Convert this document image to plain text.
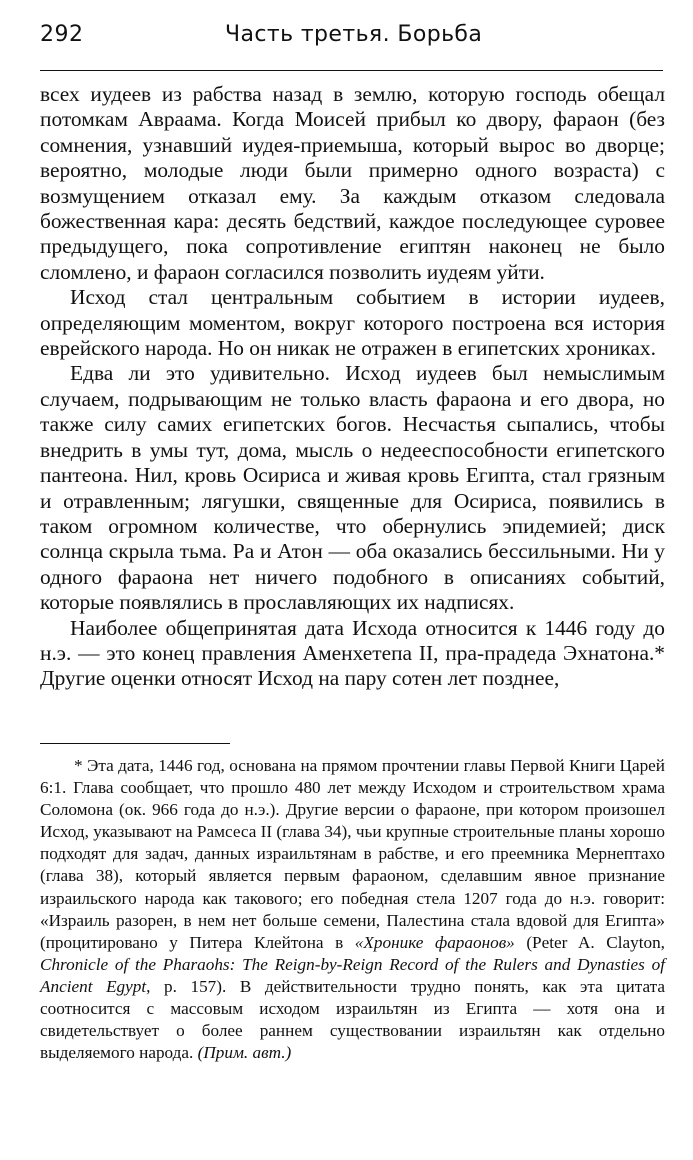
292	Часть третья. Борьба

всех иудеев из рабства назад в землю, которую господь обещал потомкам Авраама. Когда Моисей прибыл ко двору, фараон (без сомнения, узнавший иудея-приемыша, который вырос во дворце; вероятно, молодые люди были примерно одного возраста) с возмущением отказал ему. За каждым отказом следовала божественная кара: десять бедствий, каждое последующее суровее предыдущего, пока сопротивление египтян наконец не было сломлено, и фараон согласился позволить иудеям уйти.

Исход стал центральным событием в истории иудеев, определяющим моментом, вокруг которого построена вся история еврейского народа. Но он никак не отражен в египетских хрониках.

Едва ли это удивительно. Исход иудеев был немыслимым случаем, подрывающим не только власть фараона и его двора, но также силу самих египетских богов. Несчастья сыпались, чтобы внедрить в умы тут, дома, мысль о недееспособности египетского пантеона. Нил, кровь Осириса и живая кровь Египта, стал грязным и отравленным; лягушки, священные для Осириса, появились в таком огромном количестве, что обернулись эпидемией; диск солнца скрыла тьма. Ра и Атон — оба оказались бессильными. Ни у одного фараона нет ничего подобного в описаниях событий, которые появлялись в прославляющих их надписях.

Наиболее общепринятая дата Исхода относится к 1446 году до н.э. — это конец правления Аменхетепа II, пра-прадеда Эхнатона.* Другие оценки относят Исход на пару сотен лет позднее,

* Эта дата, 1446 год, основана на прямом прочтении главы Первой Книги Царей 6:1. Глава сообщает, что прошло 480 лет между Исходом и строительством храма Соломона (ок. 966 года до н.э.). Другие версии о фараоне, при котором произошел Исход, указывают на Рамсеса II (глава 34), чьи крупные строительные планы хорошо подходят для задач, данных израильтянам в рабстве, и его преемника Мернептахо (глава 38), который является первым фараоном, сделавшим явное признание израильского народа как такового; его победная стела 1207 года до н.э. говорит: «Израиль разорен, в нем нет больше семени, Палестина стала вдовой для Египта» (процитировано у Питера Клейтона в «Хронике фараонов» (Peter A. Clayton, Chronicle of the Pharaohs: The Reign-by-Reign Record of the Rulers and Dynasties of Ancient Egypt, p. 157). В действительности трудно понять, как эта цитата соотносится с массовым исходом израильтян из Египта — хотя она и свидетельствует о более раннем существовании израильтян как отдельно выделяемого народа. (Прим. авт.)
